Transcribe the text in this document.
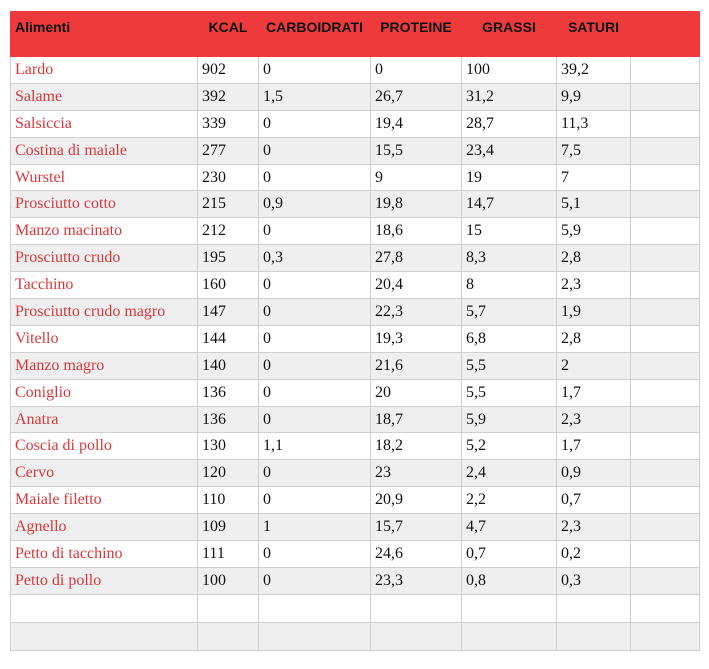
Alimenti	KCAL	CARBOIDRATI	PROTEINE	GRASSI	SATURI	
Lardo	902	0	0	100	39,2	
Salame	392	1,5	26,7	31,2	9,9	
Salsiccia	339	0	19,4	28,7	11,3	
Costina di maiale	277	0	15,5	23,4	7,5	
Wurstel	230	0	9	19	7	
Prosciutto cotto	215	0,9	19,8	14,7	5,1	
Manzo macinato	212	0	18,6	15	5,9	
Prosciutto crudo	195	0,3	27,8	8,3	2,8	
Tacchino	160	0	20,4	8	2,3	
Prosciutto crudo magro	147	0	22,3	5,7	1,9	
Vitello	144	0	19,3	6,8	2,8	
Manzo magro	140	0	21,6	5,5	2	
Coniglio	136	0	20	5,5	1,7	
Anatra	136	0	18,7	5,9	2,3	
Coscia di pollo	130	1,1	18,2	5,2	1,7	
Cervo	120	0	23	2,4	0,9	
Maiale filetto	110	0	20,9	2,2	0,7	
Agnello	109	1	15,7	4,7	2,3	
Petto di tacchino	111	0	24,6	0,7	0,2	
Petto di pollo	100	0	23,3	0,8	0,3	
